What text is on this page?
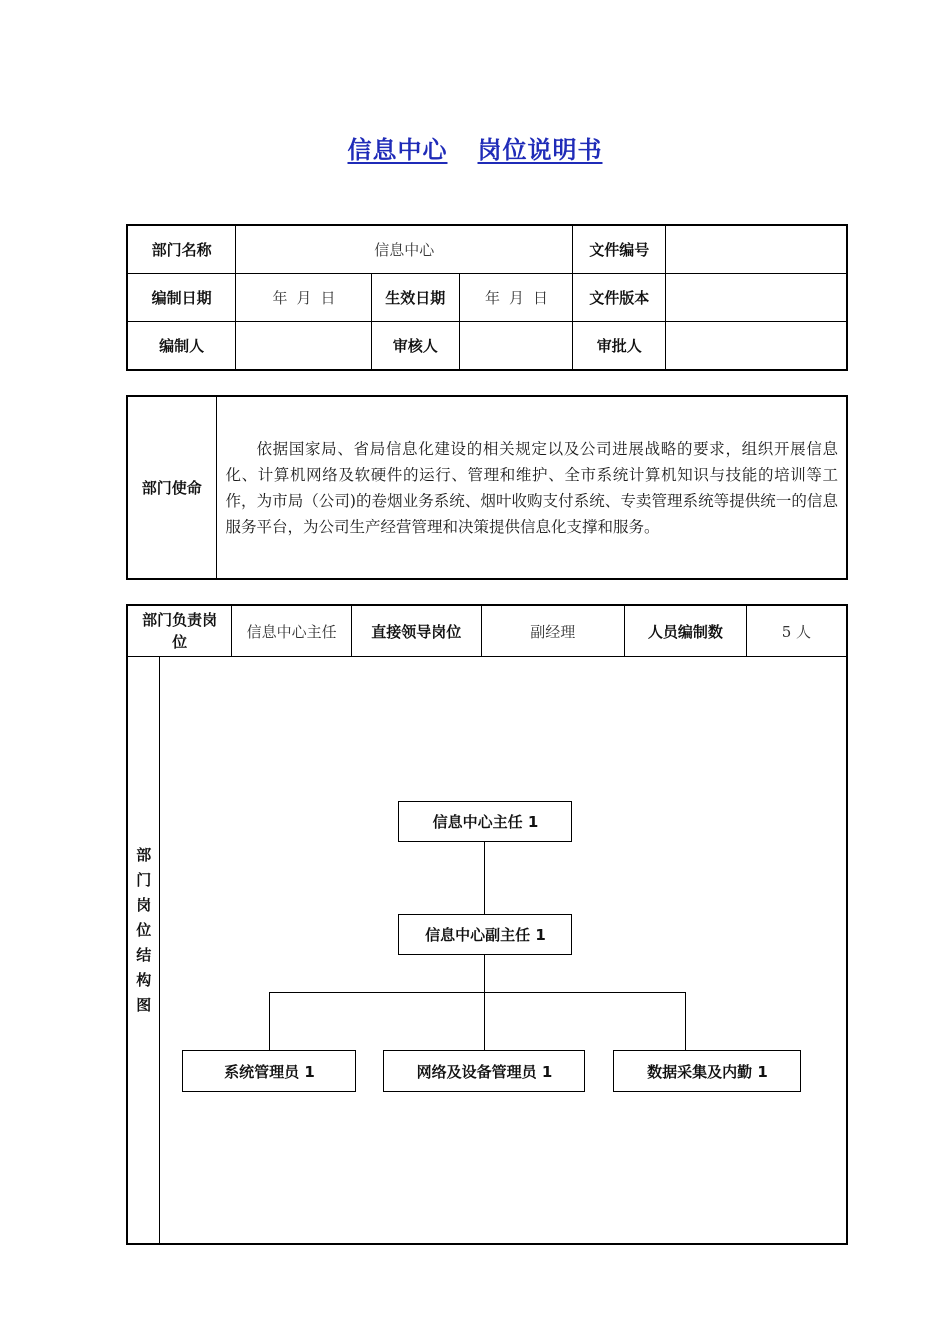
信息中心 岗位说明书
部门名称	信息中心			文件编号	
编制日期	年月日	生效日期	年月日	文件版本	
编制人		审核人		审批人	
部门使命	依据国家局、省局信息化建设的相关规定以及公司进展战略的要求，组织开展信息化、计算机网络及软硬件的运行、管理和维护、全市系统计算机知识与技能的培训等工作，为市局（公司)的卷烟业务系统、烟叶收购支付系统、专卖管理系统等提供统一的信息服务平台，为公司生产经营管理和决策提供信息化支撑和服务。
部门负责岗位		信息中心主任	直接领导岗位	副经理	人员编制数	5 人

部门岗位结构图	信息中心主任 1
信息中心副主任 1
系统管理员 1 网络及设备管理员 1 数据采集及内勤 1					
